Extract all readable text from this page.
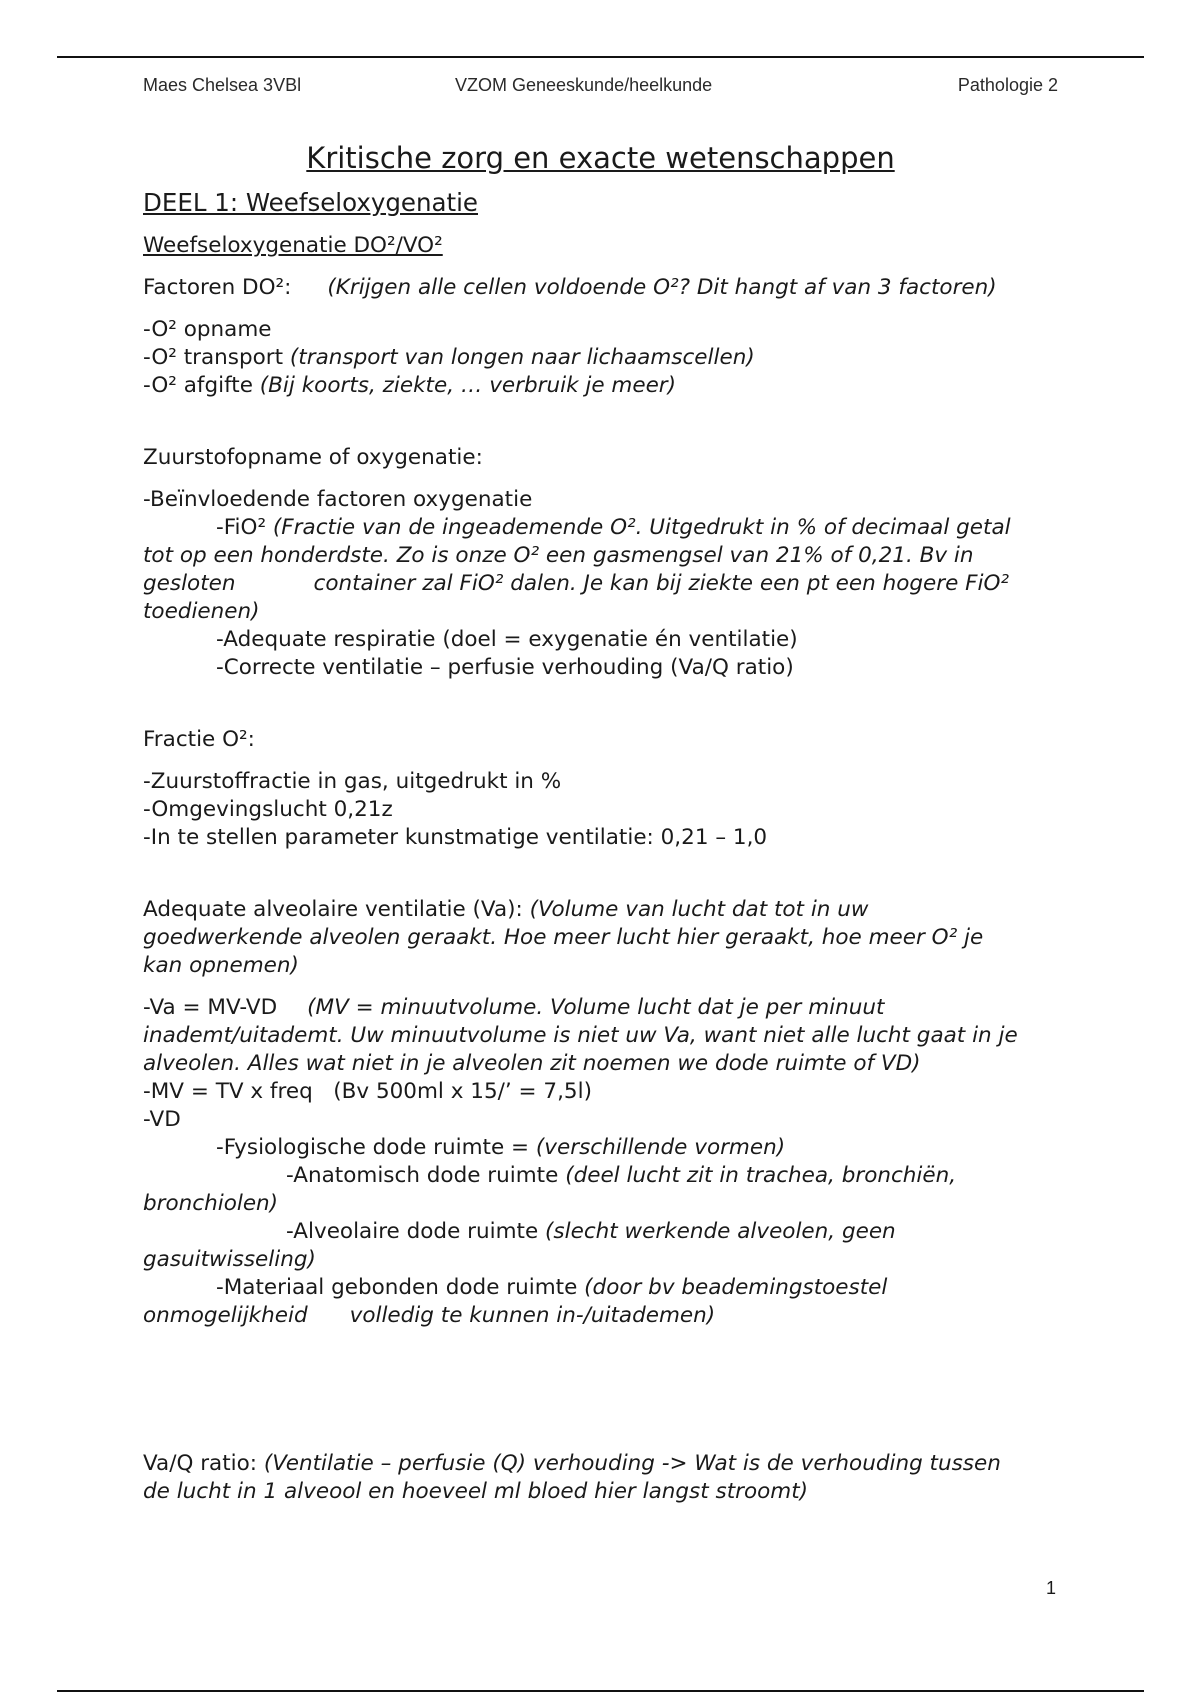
Maes Chelsea 3VBl	VZOM Geneeskunde/heelkunde	Pathologie 2
Kritische zorg en exacte wetenschappen
DEEL 1: Weefseloxygenatie

Weefseloxygenatie DO²/VO²

Factoren DO²: (Krijgen alle cellen voldoende O²? Dit hangt af van 3 factoren)

-O² opname

-O² transport (transport van longen naar lichaamscellen)

-O² afgifte (Bij koorts, ziekte, … verbruik je meer)

Zuurstofopname of oxygenatie:

-Beïnvloedende factoren oxygenatie

-FiO² (Fractie van de ingeademende O². Uitgedrukt in % of decimaal getal

tot op een honderdste. Zo is onze O² een gasmengsel van 21% of 0,21. Bv in

gesloten	container zal FiO² dalen. Je kan bij ziekte een pt een hogere FiO²

toedienen)

-Adequate respiratie (doel = exygenatie én ventilatie)

-Correcte ventilatie – perfusie verhouding (Va/Q ratio)

Fractie O²:

-Zuurstoffractie in gas, uitgedrukt in %

-Omgevingslucht 0,21z

-In te stellen parameter kunstmatige ventilatie: 0,21 – 1,0

Adequate alveolaire ventilatie (Va): (Volume van lucht dat tot in uw

goedwerkende alveolen geraakt. Hoe meer lucht hier geraakt, hoe meer O² je

kan opnemen)

-Va = MV-VD (MV = minuutvolume. Volume lucht dat je per minuut

inademt/uitademt. Uw minuutvolume is niet uw Va, want niet alle lucht gaat in je

alveolen. Alles wat niet in je alveolen zit noemen we dode ruimte of VD)

-MV = TV x freq   (Bv 500ml x 15/’ = 7,5l)

-VD

-Fysiologische dode ruimte = (verschillende vormen)

-Anatomisch dode ruimte (deel lucht zit in trachea, bronchiën,

bronchiolen)

-Alveolaire dode ruimte (slecht werkende alveolen, geen

gasuitwisseling)

-Materiaal gebonden dode ruimte (door bv beademingstoestel

onmogelijkheid volledig te kunnen in-/uitademen)

Va/Q ratio: (Ventilatie – perfusie (Q) verhouding -> Wat is de verhouding tussen

de lucht in 1 alveool en hoeveel ml bloed hier langst stroomt)

1
